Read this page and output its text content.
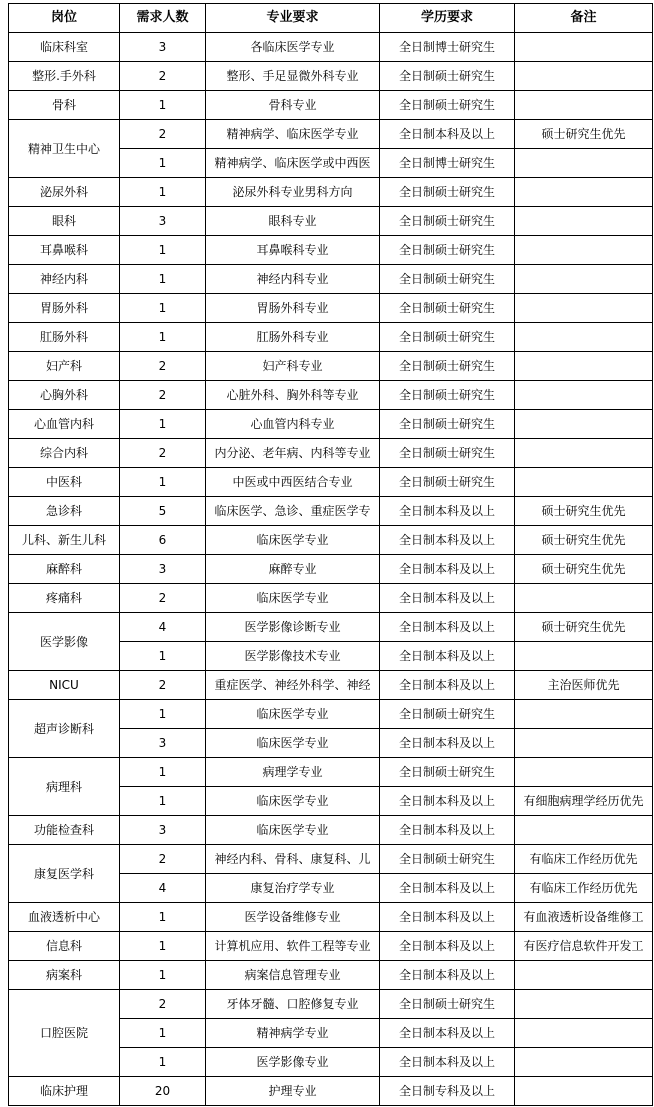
岗位	需求人数	专业要求	学历要求	备注
临床科室	3	各临床医学专业	全日制博士研究生	
整形.手外科	2	整形、手足显微外科专业	全日制硕士研究生	
骨科	1	骨科专业	全日制硕士研究生	
精神卫生中心	2	精神病学、临床医学专业	全日制本科及以上	硕士研究生优先
	1	精神病学、临床医学或中西医	全日制博士研究生	
泌尿外科	1	泌尿外科专业男科方向	全日制硕士研究生	
眼科	3	眼科专业	全日制硕士研究生	
耳鼻喉科	1	耳鼻喉科专业	全日制硕士研究生	
神经内科	1	神经内科专业	全日制硕士研究生	
胃肠外科	1	胃肠外科专业	全日制硕士研究生	
肛肠外科	1	肛肠外科专业	全日制硕士研究生	
妇产科	2	妇产科专业	全日制硕士研究生	
心胸外科	2	心脏外科、胸外科等专业	全日制硕士研究生	
心血管内科	1	心血管内科专业	全日制硕士研究生	
综合内科	2	内分泌、老年病、内科等专业	全日制硕士研究生	
中医科	1	中医或中西医结合专业	全日制硕士研究生	
急诊科	5	临床医学、急诊、重症医学专	全日制本科及以上	硕士研究生优先
儿科、新生儿科	6	临床医学专业	全日制本科及以上	硕士研究生优先
麻醉科	3	麻醉专业	全日制本科及以上	硕士研究生优先
疼痛科	2	临床医学专业	全日制本科及以上	
医学影像	4	医学影像诊断专业	全日制本科及以上	硕士研究生优先
	1	医学影像技术专业	全日制本科及以上	
NICU	2	重症医学、神经外科学、神经	全日制本科及以上	主治医师优先
超声诊断科	1	临床医学专业	全日制硕士研究生	
	3	临床医学专业	全日制本科及以上	
病理科	1	病理学专业	全日制硕士研究生	
	1	临床医学专业	全日制本科及以上	有细胞病理学经历优先
功能检查科	3	临床医学专业	全日制本科及以上	
康复医学科	2	神经内科、骨科、康复科、儿	全日制硕士研究生	有临床工作经历优先
	4	康复治疗学专业	全日制本科及以上	有临床工作经历优先
血液透析中心	1	医学设备维修专业	全日制本科及以上	有血液透析设备维修工
信息科	1	计算机应用、软件工程等专业	全日制本科及以上	有医疗信息软件开发工
病案科	1	病案信息管理专业	全日制本科及以上	
口腔医院	2	牙体牙髓、口腔修复专业	全日制硕士研究生	
	1	精神病学专业	全日制本科及以上	
	1	医学影像专业	全日制本科及以上	
临床护理	20	护理专业	全日制专科及以上	
